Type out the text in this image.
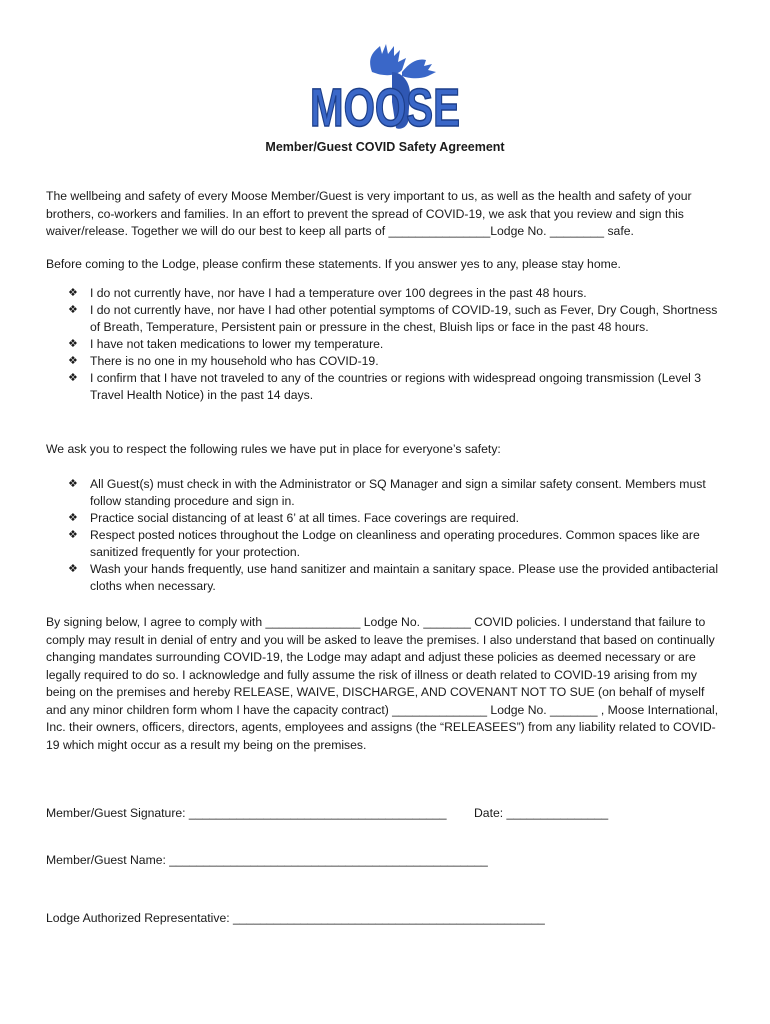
MOOSE
Member/Guest COVID Safety Agreement

The wellbeing and safety of every Moose Member/Guest is very important to us, as well as the health and safety of your brothers, co-workers and families. In an effort to prevent the spread of COVID-19, we ask that you review and sign this waiver/release. Together we will do our best to keep all parts of _______________Lodge No. ________ safe.

Before coming to the Lodge, please confirm these statements. If you answer yes to any, please stay home.

❖ I do not currently have, nor have I had a temperature over 100 degrees in the past 48 hours.
❖ I do not currently have, nor have I had other potential symptoms of COVID-19, such as Fever, Dry Cough, Shortness of Breath, Temperature, Persistent pain or pressure in the chest, Bluish lips or face in the past 48 hours.
❖ I have not taken medications to lower my temperature.
❖ There is no one in my household who has COVID-19.
❖ I confirm that I have not traveled to any of the countries or regions with widespread ongoing transmission (Level 3 Travel Health Notice) in the past 14 days.

We ask you to respect the following rules we have put in place for everyone’s safety:

❖ All Guest(s) must check in with the Administrator or SQ Manager and sign a similar safety consent. Members must follow standing procedure and sign in.
❖ Practice social distancing of at least 6’ at all times. Face coverings are required.
❖ Respect posted notices throughout the Lodge on cleanliness and operating procedures. Common spaces like are sanitized frequently for your protection.
❖ Wash your hands frequently, use hand sanitizer and maintain a sanitary space. Please use the provided antibacterial cloths when necessary.

By signing below, I agree to comply with ______________ Lodge No. _______ COVID policies. I understand that failure to comply may result in denial of entry and you will be asked to leave the premises. I also understand that based on continually changing mandates surrounding COVID-19, the Lodge may adapt and adjust these policies as deemed necessary or are legally required to do so. I acknowledge and fully assume the risk of illness or death related to COVID-19 arising from my being on the premises and hereby RELEASE, WAIVE, DISCHARGE, AND COVENANT NOT TO SUE (on behalf of myself and any minor children form whom I have the capacity contract) ______________ Lodge No. _______ , Moose International, Inc. their owners, officers, directors, agents, employees and assigns (the “RELEASEES”) from any liability related to COVID-19 which might occur as a result my being on the premises.

Member/Guest Signature: ______________________________________ Date: _______________
Member/Guest Name: _______________________________________________
Lodge Authorized Representative: ______________________________________________
